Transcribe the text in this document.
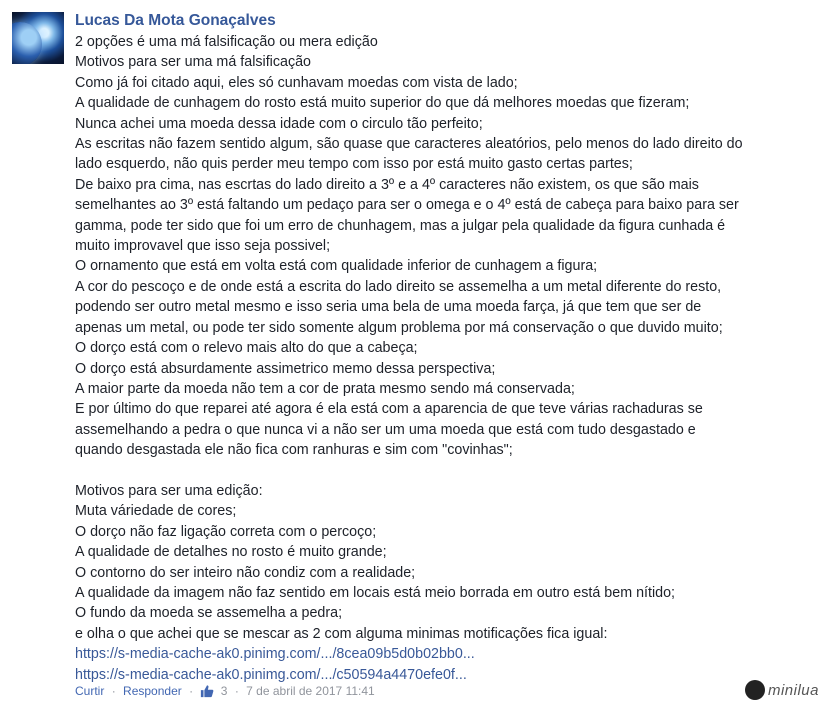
Lucas Da Mota Gonaçalves
2 opções é uma má falsificação ou mera edição
Motivos para ser uma má falsificação
Como já foi citado aqui, eles só cunhavam moedas com vista de lado;
A qualidade de cunhagem do rosto está muito superior do que dá melhores moedas que fizeram;
Nunca achei uma moeda dessa idade com o circulo tão perfeito;
As escritas não fazem sentido algum, são quase que caracteres aleatórios, pelo menos do lado direito do
lado esquerdo, não quis perder meu tempo com isso por está muito gasto certas partes;
De baixo pra cima, nas escrtas do lado direito a 3º e a 4º caracteres não existem, os que são mais
semelhantes ao 3º está faltando um pedaço para ser o omega e o 4º está de cabeça para baixo para ser
gamma, pode ter sido que foi um erro de chunhagem, mas a julgar pela qualidade da figura cunhada é
muito improvavel que isso seja possivel;
O ornamento que está em volta está com qualidade inferior de cunhagem a figura;
A cor do pescoço e de onde está a escrita do lado direito se assemelha a um metal diferente do resto,
podendo ser outro metal mesmo e isso seria uma bela de uma moeda farça, já que tem que ser de
apenas um metal, ou pode ter sido somente algum problema por má conservação o que duvido muito;
O dorço está com o relevo mais alto do que a cabeça;
O dorço está absurdamente assimetrico memo dessa perspectiva;
A maior parte da moeda não tem a cor de prata mesmo sendo má conservada;
E por último do que reparei até agora é ela está com a aparencia de que teve várias rachaduras se
assemelhando a pedra o que nunca vi a não ser um uma moeda que está com tudo desgastado e
quando desgastada ele não fica com ranhuras e sim com "covinhas";
Motivos para ser uma edição:
Muta váriedade de cores;
O dorço não faz ligação correta com o percoço;
A qualidade de detalhes no rosto é muito grande;
O contorno do ser inteiro não condiz com a realidade;
A qualidade da imagem não faz sentido em locais está meio borrada em outro está bem nítido;
O fundo da moeda se assemelha a pedra;
e olha o que achei que se mescar as 2 com alguma minimas motificações fica igual:
https://s-media-cache-ak0.pinimg.com/.../8cea09b5d0b02bb0...
https://s-media-cache-ak0.pinimg.com/.../c50594a4470efe0f...
Curtir · Responder · 3 · 7 de abril de 2017 11:41	minilua
